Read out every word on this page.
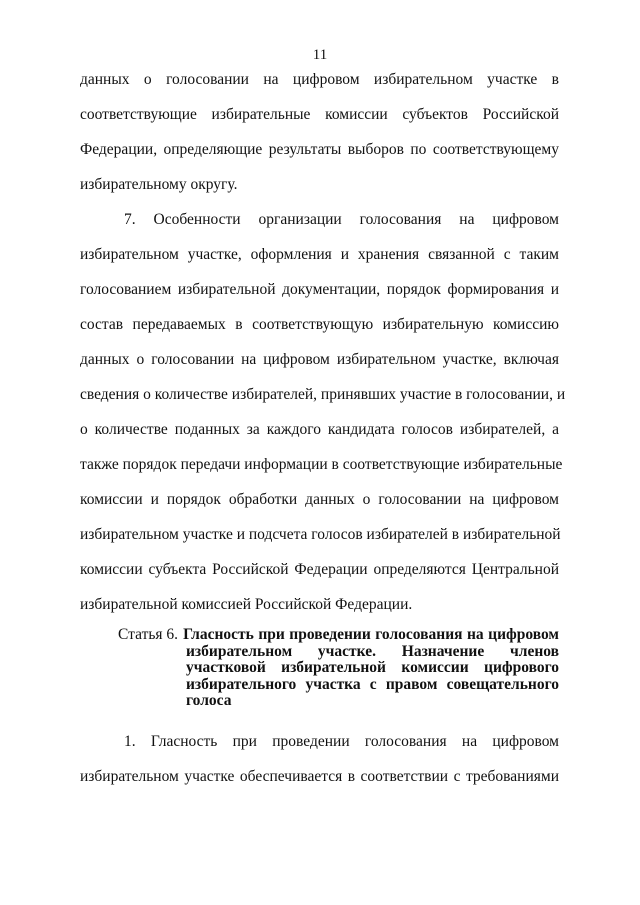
11
данных о голосовании на цифровом избирательном участке в
соответствующие избирательные комиссии субъектов Российской
Федерации, определяющие результаты выборов по соответствующему
избирательному округу.
7. Особенности организации голосования на цифровом
избирательном участке, оформления и хранения связанной с таким
голосованием избирательной документации, порядок формирования и
состав передаваемых в соответствующую избирательную комиссию
данных о голосовании на цифровом избирательном участке, включая
сведения о количестве избирателей, принявших участие в голосовании, и
о количестве поданных за каждого кандидата голосов избирателей, а
также порядок передачи информации в соответствующие избирательные
комиссии и порядок обработки данных о голосовании на цифровом
избирательном участке и подсчета голосов избирателей в избирательной
комиссии субъекта Российской Федерации определяются Центральной
избирательной комиссией Российской Федерации.
Статья 6. Гласность при проведении голосования на цифровом
избирательном участке. Назначение членов
участковой избирательной комиссии цифрового
избирательного участка с правом совещательного
голоса
1. Гласность при проведении голосования на цифровом
избирательном участке обеспечивается в соответствии с требованиями
